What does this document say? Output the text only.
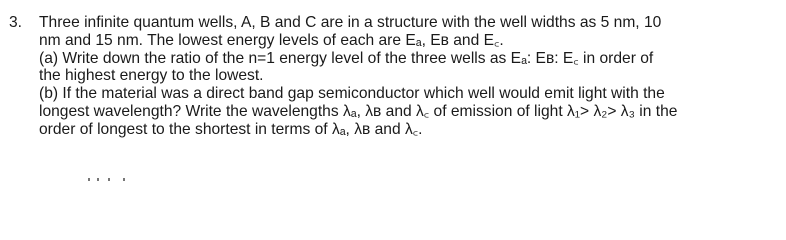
3. Three infinite quantum wells, A, B and C are in a structure with the well widths as 5 nm, 10
nm and 15 nm. The lowest energy levels of each are Eₐ, Eʙ and E꜀.
(a) Write down the ratio of the n=1 energy level of the three wells as Eₐ: Eʙ: E꜀ in order of
the highest energy to the lowest.
(b) If the material was a direct band gap semiconductor which well would emit light with the
longest wavelength? Write the wavelengths λₐ, λʙ and λ꜀ of emission of light λ₁> λ₂> λ₃ in the
order of longest to the shortest in terms of λₐ, λʙ and λ꜀.
